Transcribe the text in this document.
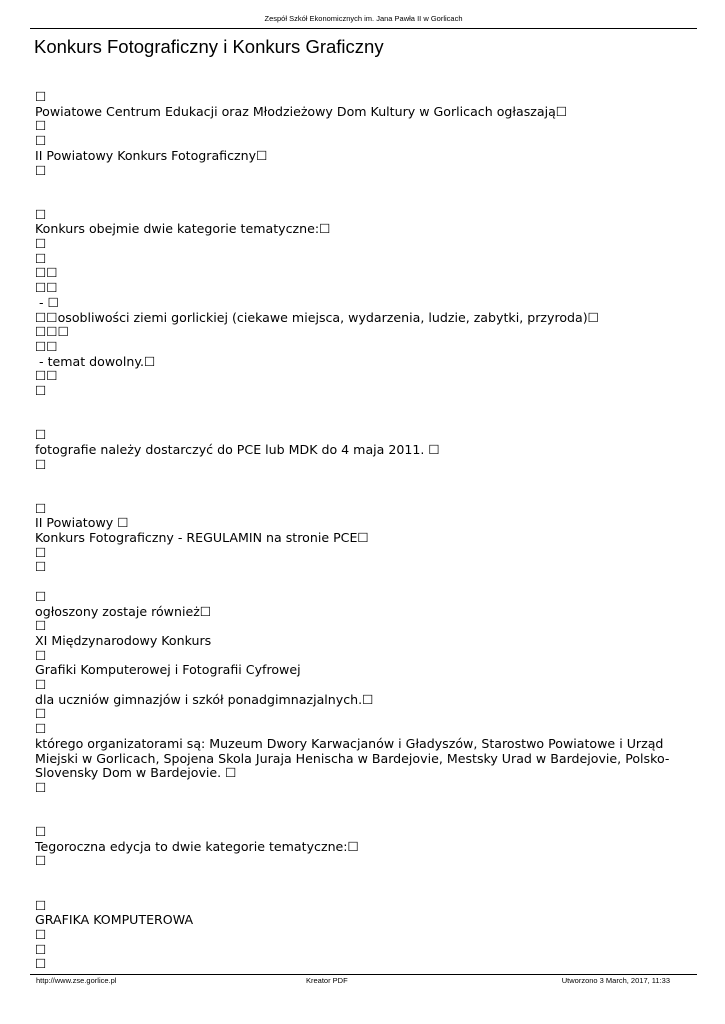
Zespół Szkół Ekonomicznych im. Jana Pawła II w Gorlicach
Konkurs Fotograficzny i Konkurs Graficzny
☐
Powiatowe Centrum Edukacji oraz Młodzieżowy Dom Kultury w Gorlicach ogłaszają☐
☐
☐
II Powiatowy Konkurs Fotograficzny☐
☐
☐
Konkurs obejmie dwie kategorie tematyczne:☐
☐
☐
☐☐
☐☐
- ☐
☐☐osobliwości ziemi gorlickiej (ciekawe miejsca, wydarzenia, ludzie, zabytki, przyroda)☐
☐☐☐
☐☐
- temat dowolny.☐
☐☐
☐
☐
fotografie należy dostarczyć do PCE lub MDK do 4 maja 2011. ☐
☐
☐
II Powiatowy ☐
Konkurs Fotograficzny - REGULAMIN na stronie PCE☐
☐
☐
☐
ogłoszony zostaje również☐
☐
XI Międzynarodowy Konkurs
☐
Grafiki Komputerowej i Fotografii Cyfrowej
☐
dla uczniów gimnazjów i szkół ponadgimnazjalnych.☐
☐
☐
którego organizatorami są: Muzeum Dwory Karwacjanów i Gładyszów, Starostwo Powiatowe i Urząd Miejski w Gorlicach, Spojena Skola Juraja Henischa w Bardejovie, Mestsky Urad w Bardejovie, Polsko-Slovensky Dom w Bardejovie. ☐
☐
☐
Tegoroczna edycja to dwie kategorie tematyczne:☐
☐
☐
GRAFIKA KOMPUTEROWA
☐
☐
☐
http://www.zse.gorlice.pl	Kreator PDF	Utworzono 3 March, 2017, 11:33
